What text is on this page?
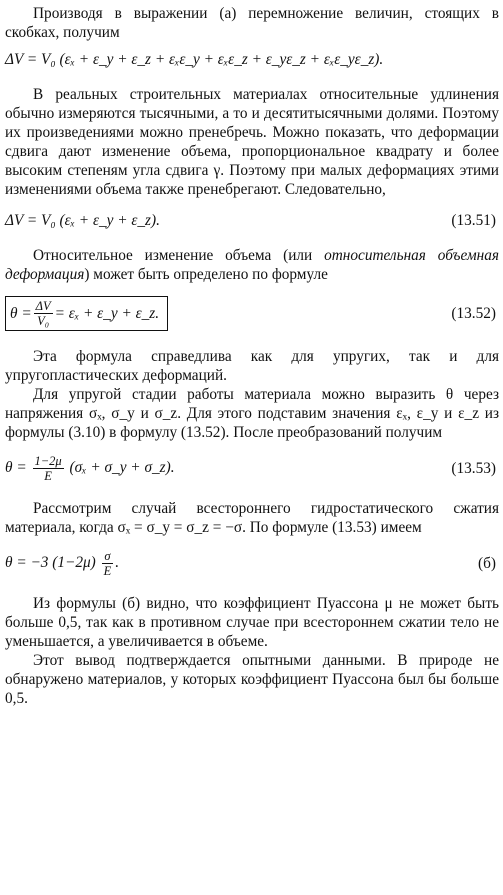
Производя в выражении (а) перемножение величин, стоящих в скобках, получим

ΔV = V₀ (εₓ + ε_y + ε_z + εₓε_y + εₓε_z + ε_yε_z + εₓε_yε_z).

В реальных строительных материалах относительные удлинения обычно измеряются тысячными, а то и десятитысячными долями. Поэтому их произведениями можно пренебречь. Можно показать, что деформации сдвига дают изменение объема, пропорциональное квадрату и более высоким степеням угла сдвига γ. Поэтому при малых деформациях этими изменениями объема также пренебрегают. Следовательно,

ΔV = V₀ (εₓ + ε_y + ε_z).	(13.51)

Относительное изменение объема (или относительная объемная деформация) может быть определено по формуле

$\theta = \frac{\Delta V}{\text{V₀}} = \varepsilon_x$ + ε_y + ε_z.	(13.52)

Эта формула справедлива как для упругих, так и для упругопластических деформаций.

Для упругой стадии работы материала можно выразить θ через напряжения σₓ, σ_y и σ_z. Для этого подставим значения εₓ, ε_y и ε_z из формулы (3.10) в формулу (13.52). После преобразований получим

$\theta = \frac{1-2\mu}{E} (\sigma_x$ + σ_y + σ_z).	(13.53)

Рассмотрим случай всестороннего гидростатического сжатия материала, когда σₓ = σ_y = σ_z = −σ. По формуле (13.53) имеем

θ = −3 $(1-2\mu) \frac{\sigma}{E}$ .	(б)

Из формулы (б) видно, что коэффициент Пуассона μ не может быть больше 0,5, так как в противном случае при всестороннем сжатии тело не уменьшается, а увеличивается в объеме.

Этот вывод подтверждается опытными данными. В природе не обнаружено материалов, у которых коэффициент Пуассона был бы больше 0,5.
